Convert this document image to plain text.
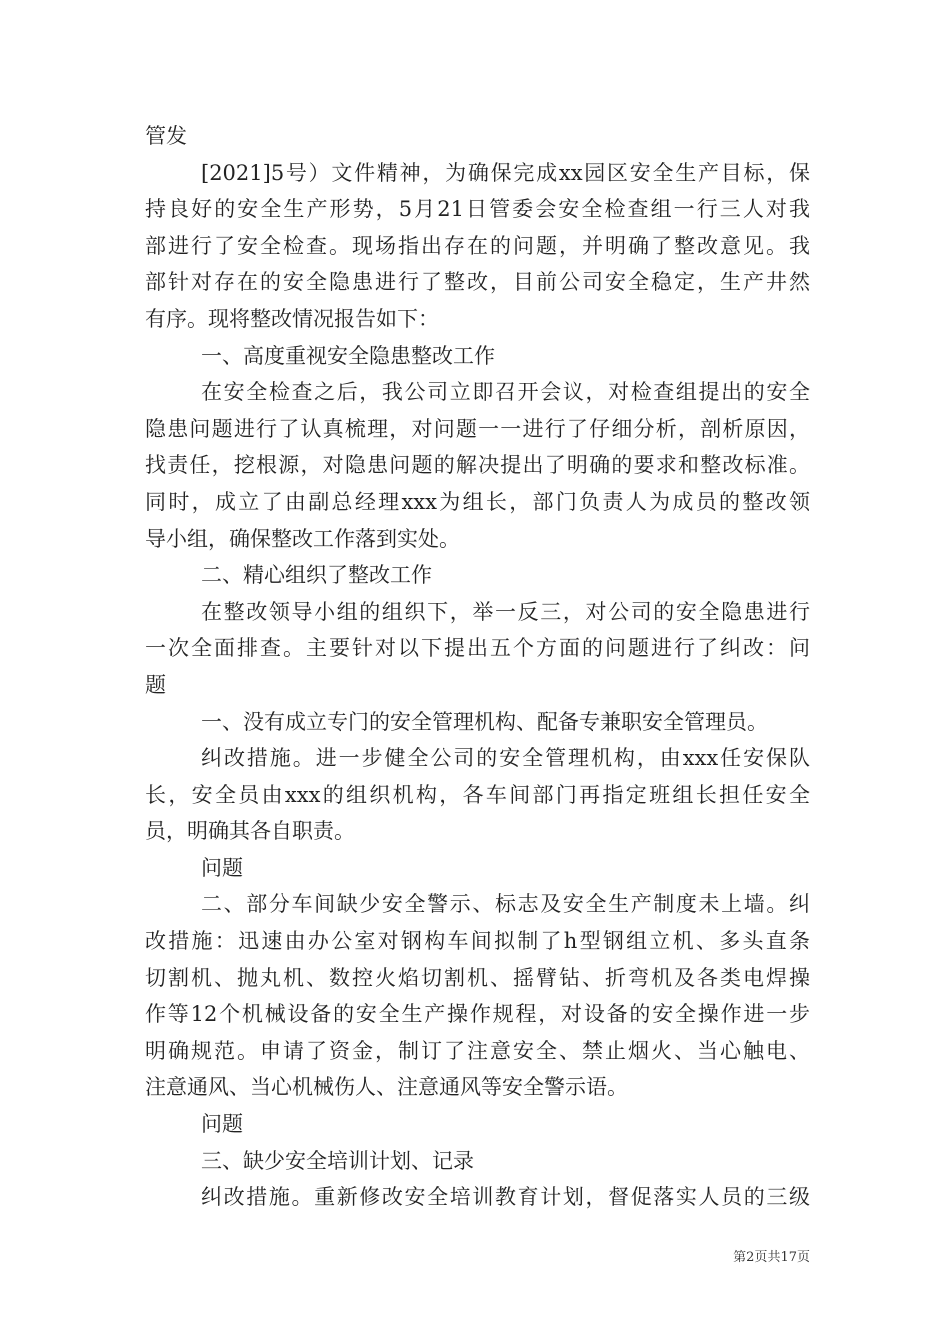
管发
[2021]5号）文件精神，为确保完成xx园区安全生产目标，保
持良好的安全生产形势，5月21日管委会安全检查组一行三人对我
部进行了安全检查。现场指出存在的问题，并明确了整改意见。我
部针对存在的安全隐患进行了整改，目前公司安全稳定，生产井然
有序。现将整改情况报告如下：
一、高度重视安全隐患整改工作
在安全检查之后，我公司立即召开会议，对检查组提出的安全
隐患问题进行了认真梳理，对问题一一进行了仔细分析，剖析原因，
找责任，挖根源，对隐患问题的解决提出了明确的要求和整改标准。
同时，成立了由副总经理xxx为组长，部门负责人为成员的整改领
导小组，确保整改工作落到实处。
二、精心组织了整改工作
在整改领导小组的组织下，举一反三，对公司的安全隐患进行
一次全面排查。主要针对以下提出五个方面的问题进行了纠改：问
题
一、没有成立专门的安全管理机构、配备专兼职安全管理员。
纠改措施。进一步健全公司的安全管理机构，由xxx任安保队
长，安全员由xxx的组织机构，各车间部门再指定班组长担任安全
员，明确其各自职责。
问题
二、部分车间缺少安全警示、标志及安全生产制度未上墙。纠
改措施：迅速由办公室对钢构车间拟制了h型钢组立机、多头直条
切割机、抛丸机、数控火焰切割机、摇臂钻、折弯机及各类电焊操
作等12个机械设备的安全生产操作规程，对设备的安全操作进一步
明确规范。申请了资金，制订了注意安全、禁止烟火、当心触电、
注意通风、当心机械伤人、注意通风等安全警示语。
问题
三、缺少安全培训计划、记录
纠改措施。重新修改安全培训教育计划，督促落实人员的三级
第2页共17页
